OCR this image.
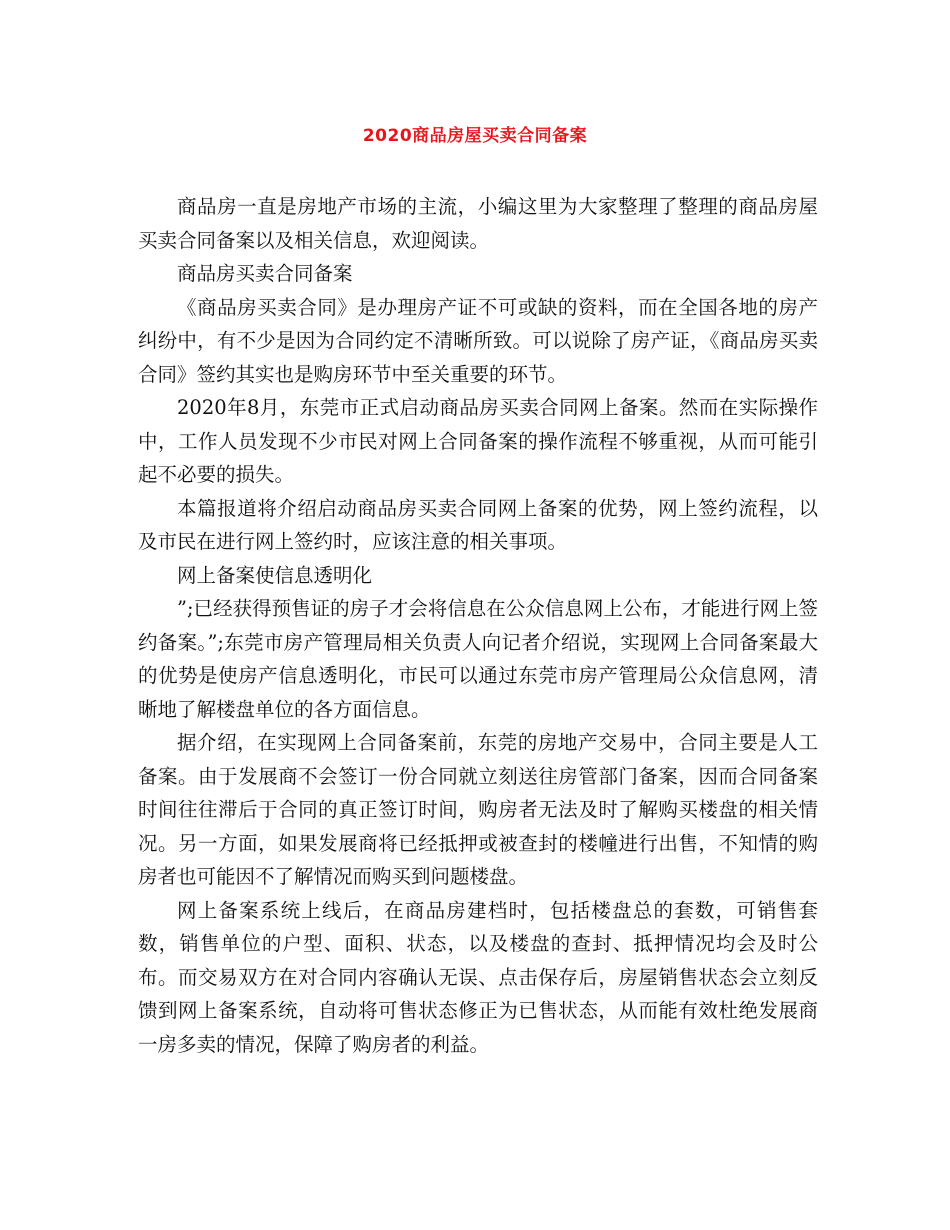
2020商品房屋买卖合同备案

商品房一直是房地产市场的主流，小编这里为大家整理了整理的商品房屋买卖合同备案以及相关信息，欢迎阅读。

商品房买卖合同备案

《商品房买卖合同》是办理房产证不可或缺的资料，而在全国各地的房产纠纷中，有不少是因为合同约定不清晰所致。可以说除了房产证，《商品房买卖合同》签约其实也是购房环节中至关重要的环节。

2020年8月，东莞市正式启动商品房买卖合同网上备案。然而在实际操作中，工作人员发现不少市民对网上合同备案的操作流程不够重视，从而可能引起不必要的损失。

本篇报道将介绍启动商品房买卖合同网上备案的优势，网上签约流程，以及市民在进行网上签约时，应该注意的相关事项。

网上备案使信息透明化

”;已经获得预售证的房子才会将信息在公众信息网上公布，才能进行网上签约备案。”;东莞市房产管理局相关负责人向记者介绍说，实现网上合同备案最大的优势是使房产信息透明化，市民可以通过东莞市房产管理局公众信息网，清晰地了解楼盘单位的各方面信息。

据介绍，在实现网上合同备案前，东莞的房地产交易中，合同主要是人工备案。由于发展商不会签订一份合同就立刻送往房管部门备案，因而合同备案时间往往滞后于合同的真正签订时间，购房者无法及时了解购买楼盘的相关情况。另一方面，如果发展商将已经抵押或被查封的楼幢进行出售，不知情的购房者也可能因不了解情况而购买到问题楼盘。

网上备案系统上线后，在商品房建档时，包括楼盘总的套数，可销售套数，销售单位的户型、面积、状态，以及楼盘的查封、抵押情况均会及时公布。而交易双方在对合同内容确认无误、点击保存后，房屋销售状态会立刻反馈到网上备案系统，自动将可售状态修正为已售状态，从而能有效杜绝发展商一房多卖的情况，保障了购房者的利益。
